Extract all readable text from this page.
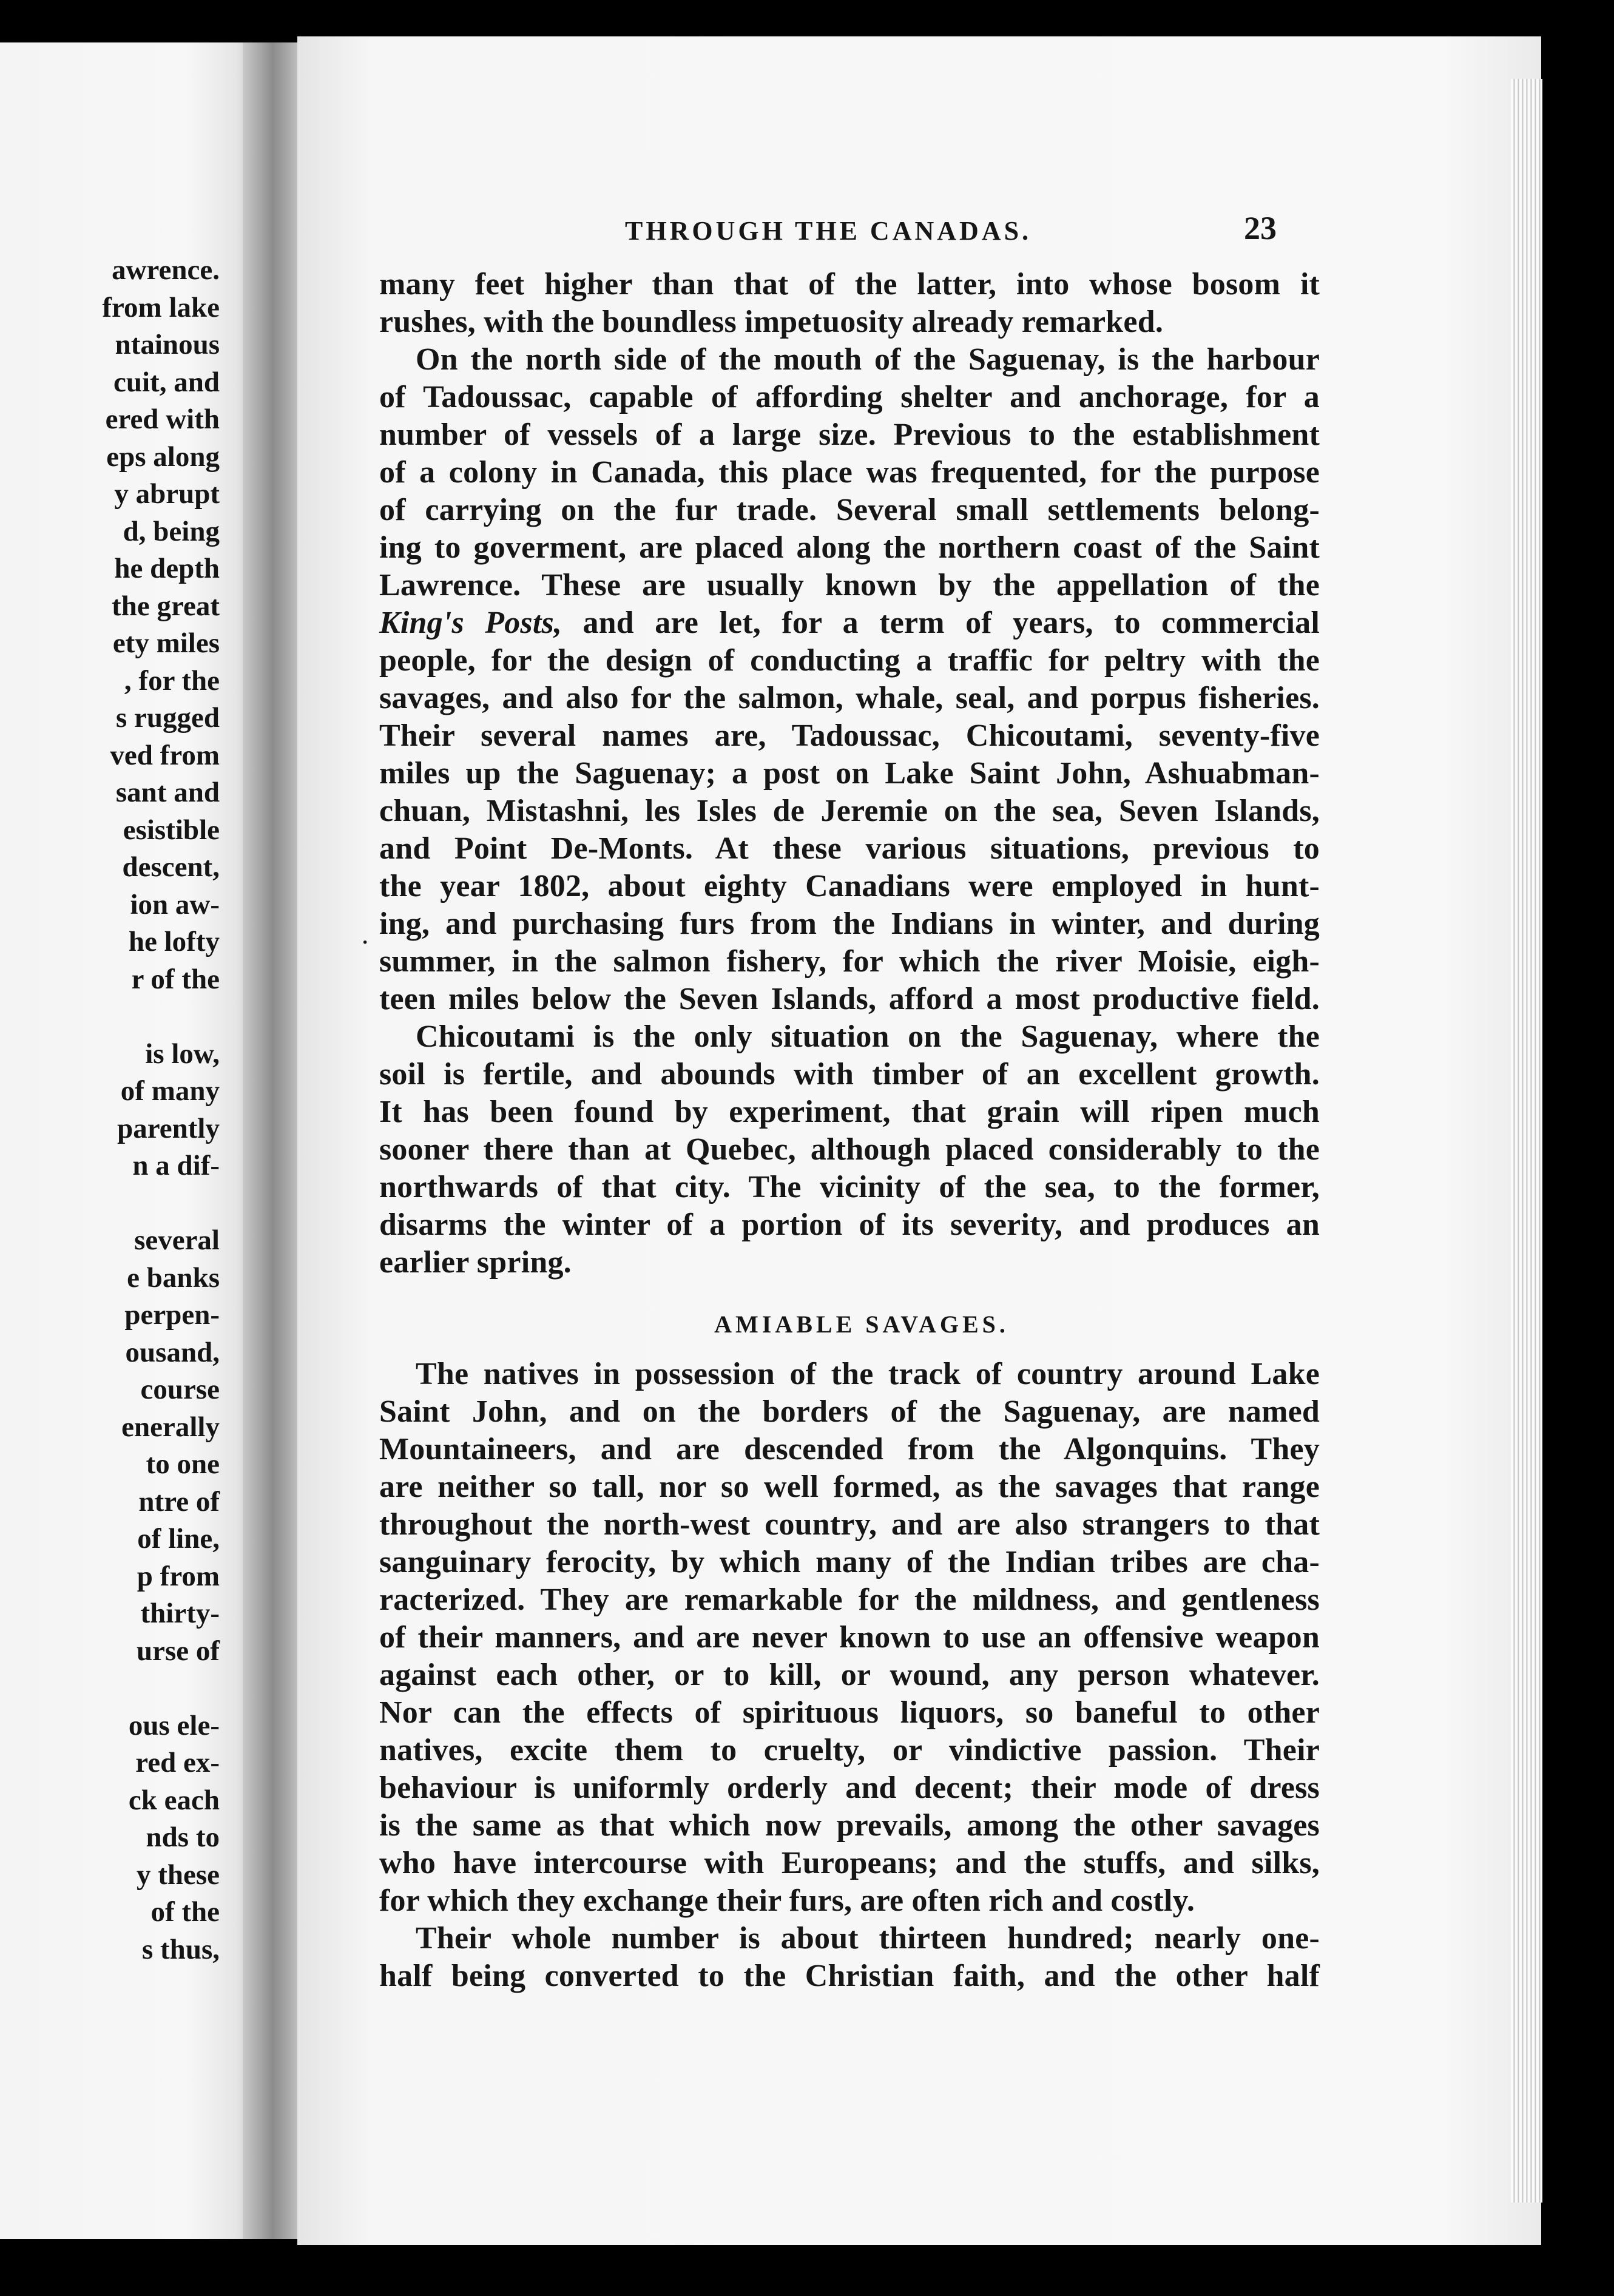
awrence.
from lake
ntainous
cuit, and
ered with
eps along
y abrupt
d, being
he depth
the great
ety miles
, for the
s rugged
ved from
sant and
esistible
descent,
ion aw-
he lofty
r of the
is low,
of many
parently
n a dif-
several
e banks
perpen-
ousand,
course
enerally
to one
ntre of
of line,
p from
thirty-
urse of
ous ele-
red ex-
ck each
nds to
y these
of the
s thus,
THROUGH THE CANADAS.	23
·
many feet higher than that of the latter, into whose bosom it
rushes, with the boundless impetuosity already remarked.
On the north side of the mouth of the Saguenay, is the harbour
of Tadoussac, capable of affording shelter and anchorage, for a
number of vessels of a large size. Previous to the establishment
of a colony in Canada, this place was frequented, for the purpose
of carrying on the fur trade. Several small settlements belong-
ing to goverment, are placed along the northern coast of the Saint
Lawrence. These are usually known by the appellation of the
King's Posts, and are let, for a term of years, to commercial
people, for the design of conducting a traffic for peltry with the
savages, and also for the salmon, whale, seal, and porpus fisheries.
Their several names are, Tadoussac, Chicoutami, seventy-five
miles up the Saguenay; a post on Lake Saint John, Ashuabman-
chuan, Mistashni, les Isles de Jeremie on the sea, Seven Islands,
and Point De-Monts. At these various situations, previous to
the year 1802, about eighty Canadians were employed in hunt-
ing, and purchasing furs from the Indians in winter, and during
summer, in the salmon fishery, for which the river Moisie, eigh-
teen miles below the Seven Islands, afford a most productive field.
Chicoutami is the only situation on the Saguenay, where the
soil is fertile, and abounds with timber of an excellent growth.
It has been found by experiment, that grain will ripen much
sooner there than at Quebec, although placed considerably to the
northwards of that city. The vicinity of the sea, to the former,
disarms the winter of a portion of its severity, and produces an
earlier spring.
AMIABLE SAVAGES.
The natives in possession of the track of country around Lake
Saint John, and on the borders of the Saguenay, are named
Mountaineers, and are descended from the Algonquins. They
are neither so tall, nor so well formed, as the savages that range
throughout the north-west country, and are also strangers to that
sanguinary ferocity, by which many of the Indian tribes are cha-
racterized. They are remarkable for the mildness, and gentleness
of their manners, and are never known to use an offensive weapon
against each other, or to kill, or wound, any person whatever.
Nor can the effects of spirituous liquors, so baneful to other
natives, excite them to cruelty, or vindictive passion. Their
behaviour is uniformly orderly and decent; their mode of dress
is the same as that which now prevails, among the other savages
who have intercourse with Europeans; and the stuffs, and silks,
for which they exchange their furs, are often rich and costly.
Their whole number is about thirteen hundred; nearly one-
half being converted to the Christian faith, and the other half
